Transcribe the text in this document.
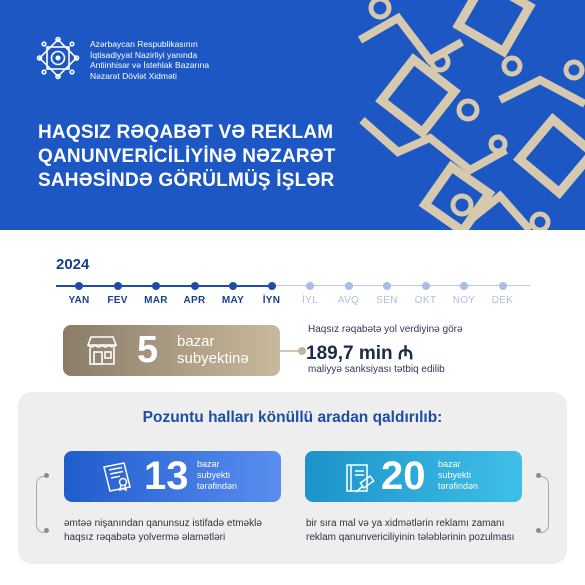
Azərbaycan Respublikasının
İqtisadiyyat Nazirliyi yanında
Antiinhisar və İstehlak Bazarına
Nəzarət Dövlət Xidməti
HAQSIZ RƏQABƏT VƏ REKLAM
QANUNVERİCİLİYİNƏ NƏZARƏT
SAHƏSİNDƏ GÖRÜLMÜŞ İŞLƏR
2024
YAN	FEV	MAR	APR	MAY	İYN	İYL	AVQ	SEN	OKT	NOY	DEK
5 bazar
subyektinə
Haqsız rəqabətə yol verdiyinə görə
189,7 min ₼
maliyyə sanksiyası tətbiq edilib
Pozuntu halları könüllü aradan qaldırılıb:
13 bazar
subyekti
tərəfindən
əmtəə nişanından qanunsuz istifadə etməklə
haqsız rəqabətə yolvermə əlamətləri
20 bazar
subyekti
tərəfindən
bir sıra mal və ya xidmətlərin reklamı zamanı
reklam qanunvericiliyinin tələblərinin pozulması
